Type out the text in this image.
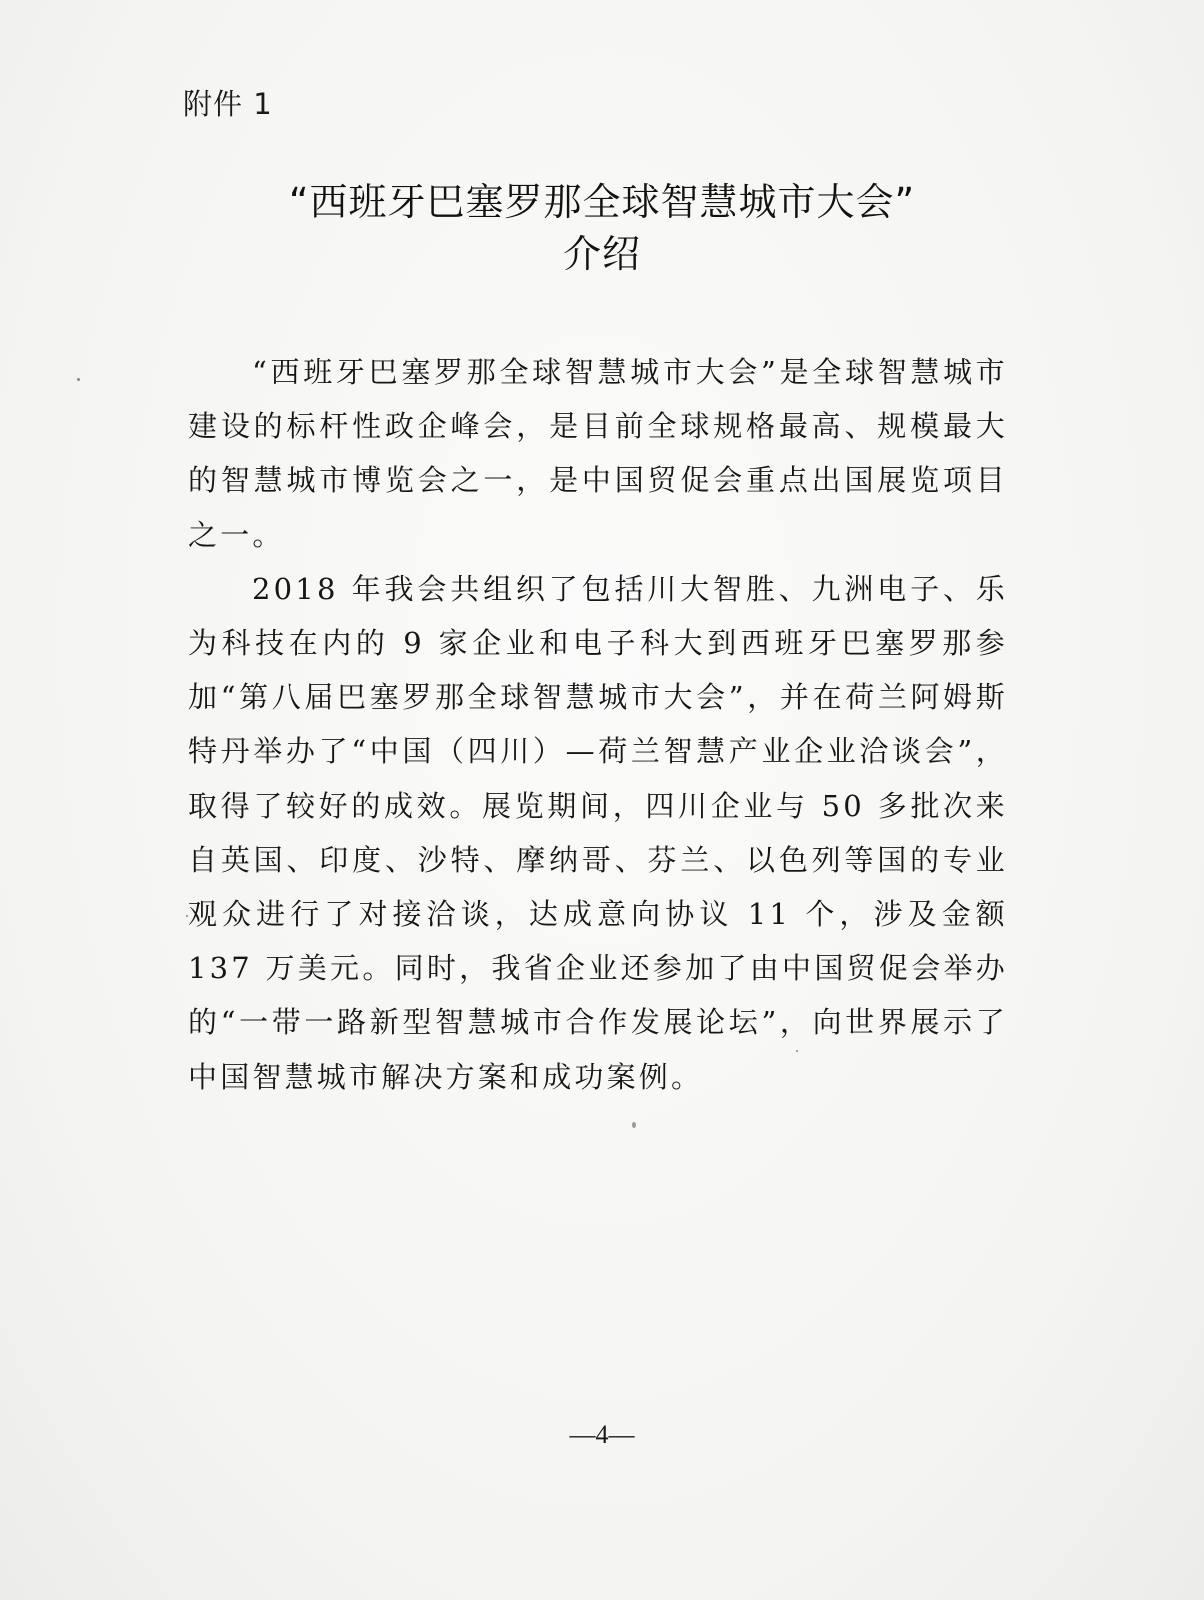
附件 1
“西班牙巴塞罗那全球智慧城市大会”
介绍

“西班牙巴塞罗那全球智慧城市大会”是全球智慧城市建设的标杆性政企峰会，是目前全球规格最高、规模最大的智慧城市博览会之一，是中国贸促会重点出国展览项目之一。

2018 年我会共组织了包括川大智胜、九洲电子、乐为科技在内的 9 家企业和电子科大到西班牙巴塞罗那参加“第八届巴塞罗那全球智慧城市大会”，并在荷兰阿姆斯特丹举办了“中国（四川）—荷兰智慧产业企业洽谈会”，取得了较好的成效。展览期间，四川企业与 50 多批次来自英国、印度、沙特、摩纳哥、芬兰、以色列等国的专业观众进行了对接洽谈，达成意向协议 11 个，涉及金额 137 万美元。同时，我省企业还参加了由中国贸促会举办的“一带一路新型智慧城市合作发展论坛”，向世界展示了中国智慧城市解决方案和成功案例。

—4—
